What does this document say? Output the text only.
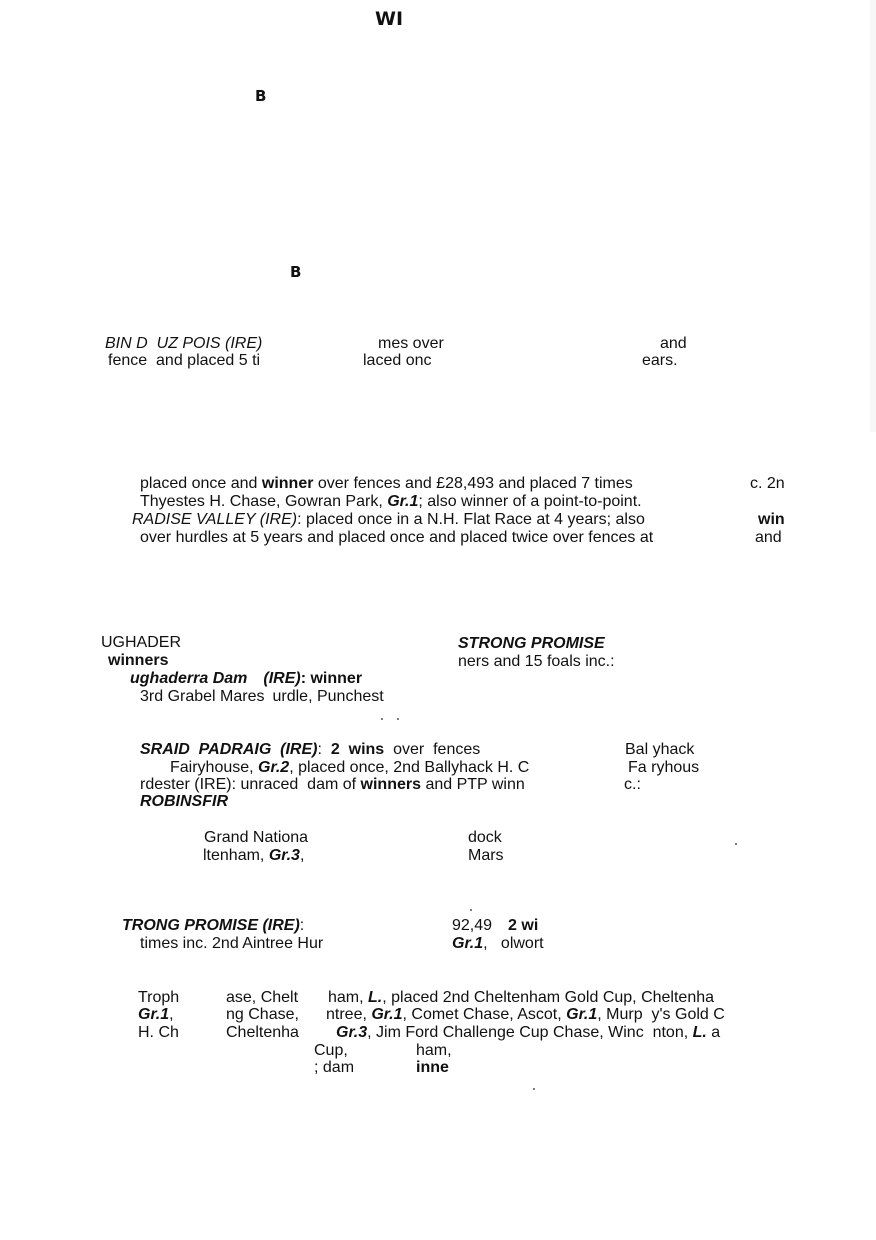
WI
B
B
BIN D  UZ POIS (IRE)	mes over	and
fence  and placed 5 ti	laced onc	ears.
placed once and winner over fences and £28,493 and placed 7 times	c. 2n
Thyestes H. Chase, Gowran Park, Gr.1; also winner of a point-to-point.
RADISE VALLEY (IRE): placed once in a N.H. Flat Race at 4 years; also	win
over hurdles at 5 years and placed once and placed twice over fences at	and
UGHADER
winners
ughaderra Dam (IRE): winner
3rd Grabel Mares urdle, Punchest
STRONG PROMISE
ners and 15 foals inc.:
SRAID  PADRAIG  (IRE):  2  wins  over  fences
Fairyhouse, Gr.2, placed once, 2nd Ballyhack H. C
rdester (IRE): unraced  dam of winners and PTP winn
ROBINSFIR
Bal yhack
Fa ryhous
c.:
Grand Nationa
ltenham, Gr.3,
dock
Mars
TRONG PROMISE (IRE):
times inc. 2nd Aintree Hur
92,49 2 wi
Gr.1,   olwort
Troph
Gr.1,
H. Ch
ase, Chelt
ng Chase,
Cheltenha
ham, L., placed 2nd Cheltenham Gold Cup, Cheltenha
ntree, Gr.1, Comet Chase, Ascot, Gr.1, Murp  y's Gold C
Gr.3, Jim Ford Challenge Cup Chase, Winc  nton, L. a
Cup,	ham,
; dam	inne
